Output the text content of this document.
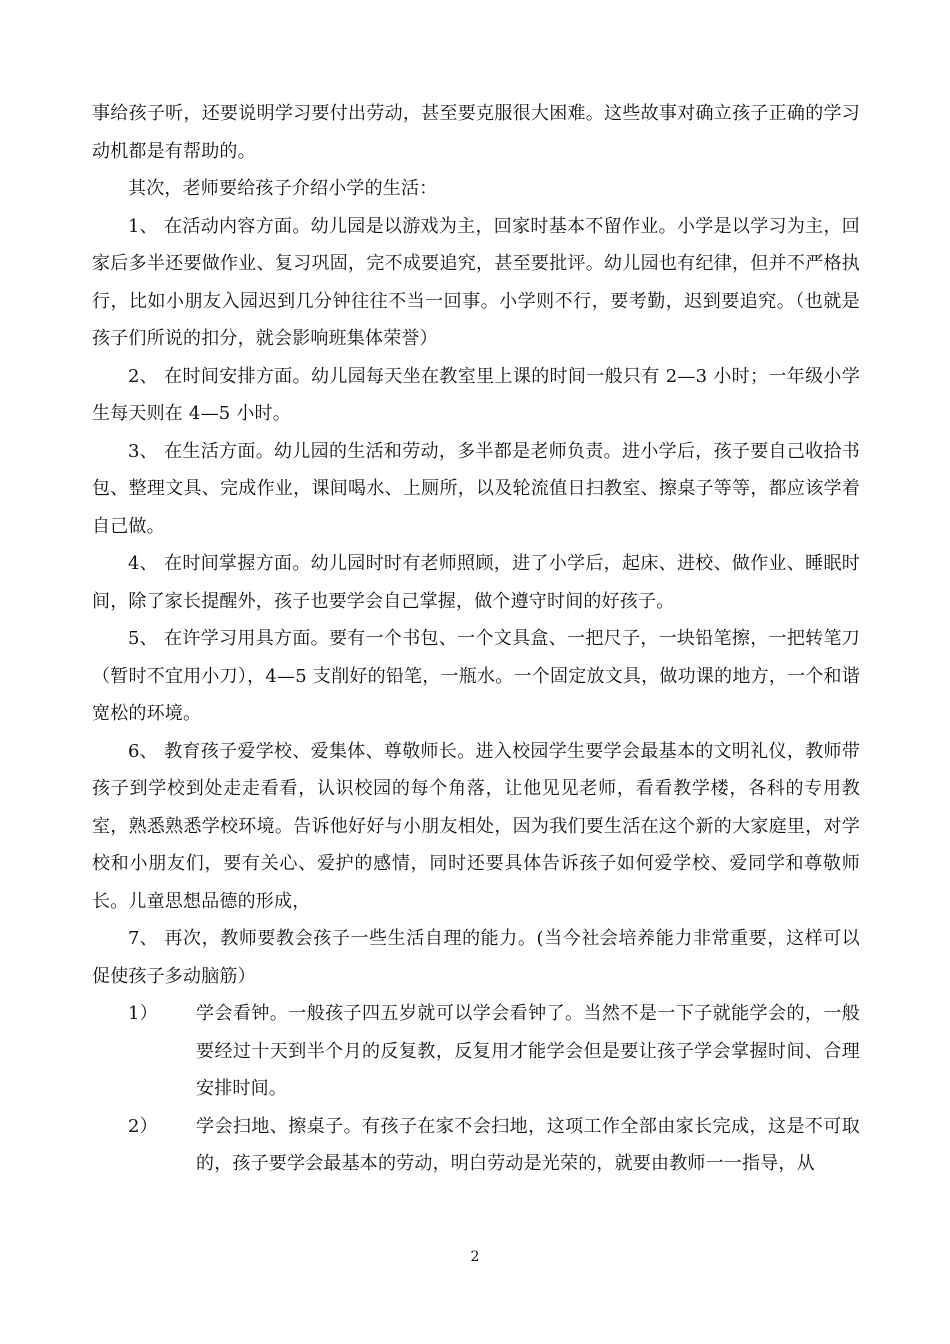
事给孩子听，还要说明学习要付出劳动，甚至要克服很大困难。这些故事对确立孩子正确的学习动机都是有帮助的。

其次，老师要给孩子介绍小学的生活：

1、 在活动内容方面。幼儿园是以游戏为主，回家时基本不留作业。小学是以学习为主，回家后多半还要做作业、复习巩固，完不成要追究，甚至要批评。幼儿园也有纪律，但并不严格执行，比如小朋友入园迟到几分钟往往不当一回事。小学则不行，要考勤，迟到要追究。（也就是孩子们所说的扣分，就会影响班集体荣誉）

2、 在时间安排方面。幼儿园每天坐在教室里上课的时间一般只有 2—3 小时；一年级小学生每天则在 4—5 小时。

3、 在生活方面。幼儿园的生活和劳动，多半都是老师负责。进小学后，孩子要自己收拾书包、整理文具、完成作业，课间喝水、上厕所，以及轮流值日扫教室、擦桌子等等，都应该学着自己做。

4、 在时间掌握方面。幼儿园时时有老师照顾，进了小学后，起床、进校、做作业、睡眠时间，除了家长提醒外，孩子也要学会自己掌握，做个遵守时间的好孩子。

5、 在许学习用具方面。要有一个书包、一个文具盒、一把尺子，一块铅笔擦，一把转笔刀（暂时不宜用小刀），4—5 支削好的铅笔，一瓶水。一个固定放文具，做功课的地方，一个和谐宽松的环境。

6、 教育孩子爱学校、爱集体、尊敬师长。进入校园学生要学会最基本的文明礼仪，教师带孩子到学校到处走走看看，认识校园的每个角落，让他见见老师，看看教学楼，各科的专用教室，熟悉熟悉学校环境。告诉他好好与小朋友相处，因为我们要生活在这个新的大家庭里，对学校和小朋友们，要有关心、爱护的感情，同时还要具体告诉孩子如何爱学校、爱同学和尊敬师长。儿童思想品德的形成，

7、 再次，教师要教会孩子一些生活自理的能力。(当今社会培养能力非常重要，这样可以促使孩子多动脑筋）

1）	学会看钟。一般孩子四五岁就可以学会看钟了。当然不是一下子就能学会的，一般要经过十天到半个月的反复教，反复用才能学会但是要让孩子学会掌握时间、合理安排时间。
2）	学会扫地、擦桌子。有孩子在家不会扫地，这项工作全部由家长完成，这是不可取的，孩子要学会最基本的劳动，明白劳动是光荣的，就要由教师一一指导，从
2
